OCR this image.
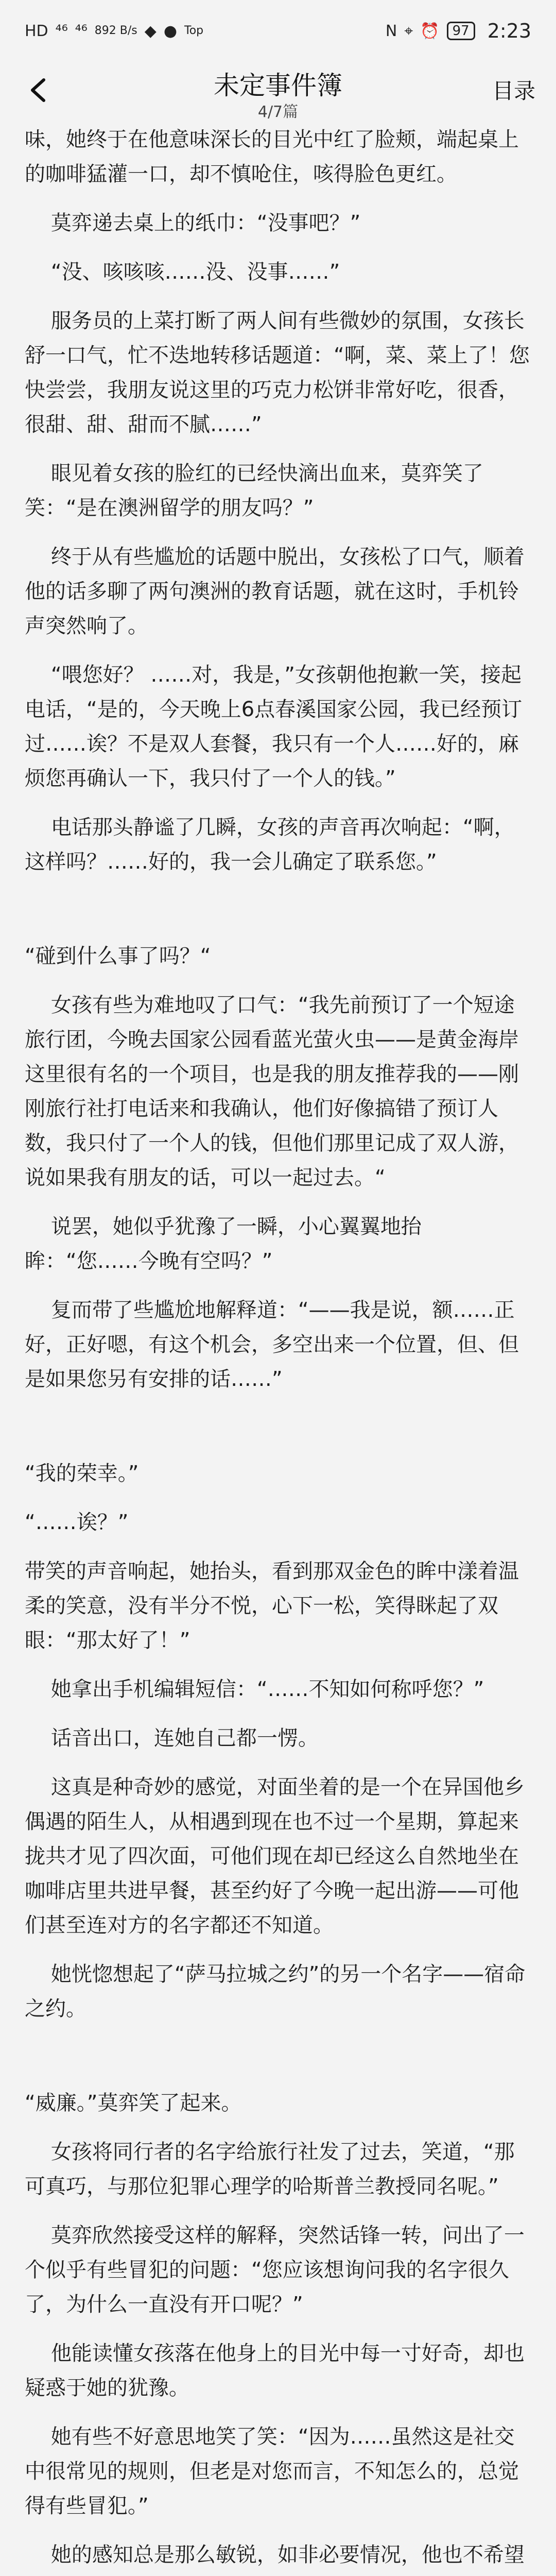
HD ⁴⁶ ⁴⁶ 892 B/s ◆ ● Top	N ⌖ ⏰ 97 2:23
未定事件簿
4/7篇
目录

味，她终于在他意味深长的目光中红了脸颊，端起桌上的咖啡猛灌一口，却不慎呛住，咳得脸色更红。

莫弈递去桌上的纸巾：“没事吧？”

“没、咳咳咳……没、没事……”

服务员的上菜打断了两人间有些微妙的氛围，女孩长舒一口气，忙不迭地转移话题道：“啊，菜、菜上了！您快尝尝，我朋友说这里的巧克力松饼非常好吃，很香，很甜、甜、甜而不腻……”

眼见着女孩的脸红的已经快滴出血来，莫弈笑了笑：“是在澳洲留学的朋友吗？”

终于从有些尴尬的话题中脱出，女孩松了口气，顺着他的话多聊了两句澳洲的教育话题，就在这时，手机铃声突然响了。

“喂您好？ ……对，我是，”女孩朝他抱歉一笑，接起电话，“是的，今天晚上6点春溪国家公园，我已经预订过……诶？不是双人套餐，我只有一个人……好的，麻烦您再确认一下，我只付了一个人的钱。”

电话那头静谧了几瞬，女孩的声音再次响起：“啊，这样吗？……好的，我一会儿确定了联系您。”

“碰到什么事了吗？“

女孩有些为难地叹了口气：“我先前预订了一个短途旅行团，今晚去国家公园看蓝光萤火虫——是黄金海岸这里很有名的一个项目，也是我的朋友推荐我的——刚刚旅行社打电话来和我确认，他们好像搞错了预订人数，我只付了一个人的钱，但他们那里记成了双人游，说如果我有朋友的话，可以一起过去。“

说罢，她似乎犹豫了一瞬，小心翼翼地抬眸：“您……今晚有空吗？”

复而带了些尴尬地解释道：“——我是说，额……正好，正好嗯，有这个机会，多空出来一个位置，但、但是如果您另有安排的话……”

“我的荣幸。”

“……诶？”

带笑的声音响起，她抬头，看到那双金色的眸中漾着温柔的笑意，没有半分不悦，心下一松，笑得眯起了双眼：“那太好了！”

她拿出手机编辑短信：“……不知如何称呼您？”

话音出口，连她自己都一愣。

这真是种奇妙的感觉，对面坐着的是一个在异国他乡偶遇的陌生人，从相遇到现在也不过一个星期，算起来拢共才见了四次面，可他们现在却已经这么自然地坐在咖啡店里共进早餐，甚至约好了今晚一起出游——可他们甚至连对方的名字都还不知道。

她恍惚想起了“萨马拉城之约”的另一个名字——宿命之约。

“威廉。”莫弈笑了起来。

女孩将同行者的名字给旅行社发了过去，笑道，“那可真巧，与那位犯罪心理学的哈斯普兰教授同名呢。”

莫弈欣然接受这样的解释，突然话锋一转，问出了一个似乎有些冒犯的问题：“您应该想询问我的名字很久了，为什么一直没有开口呢？”

他能读懂女孩落在他身上的目光中每一寸好奇，却也疑惑于她的犹豫。

她有些不好意思地笑了笑：“因为……虽然这是社交中很常见的规则，但老是对您而言，不知怎么的，总觉得有些冒犯。”

她的感知总是那么敏锐，如非必要情况，他也不希望
